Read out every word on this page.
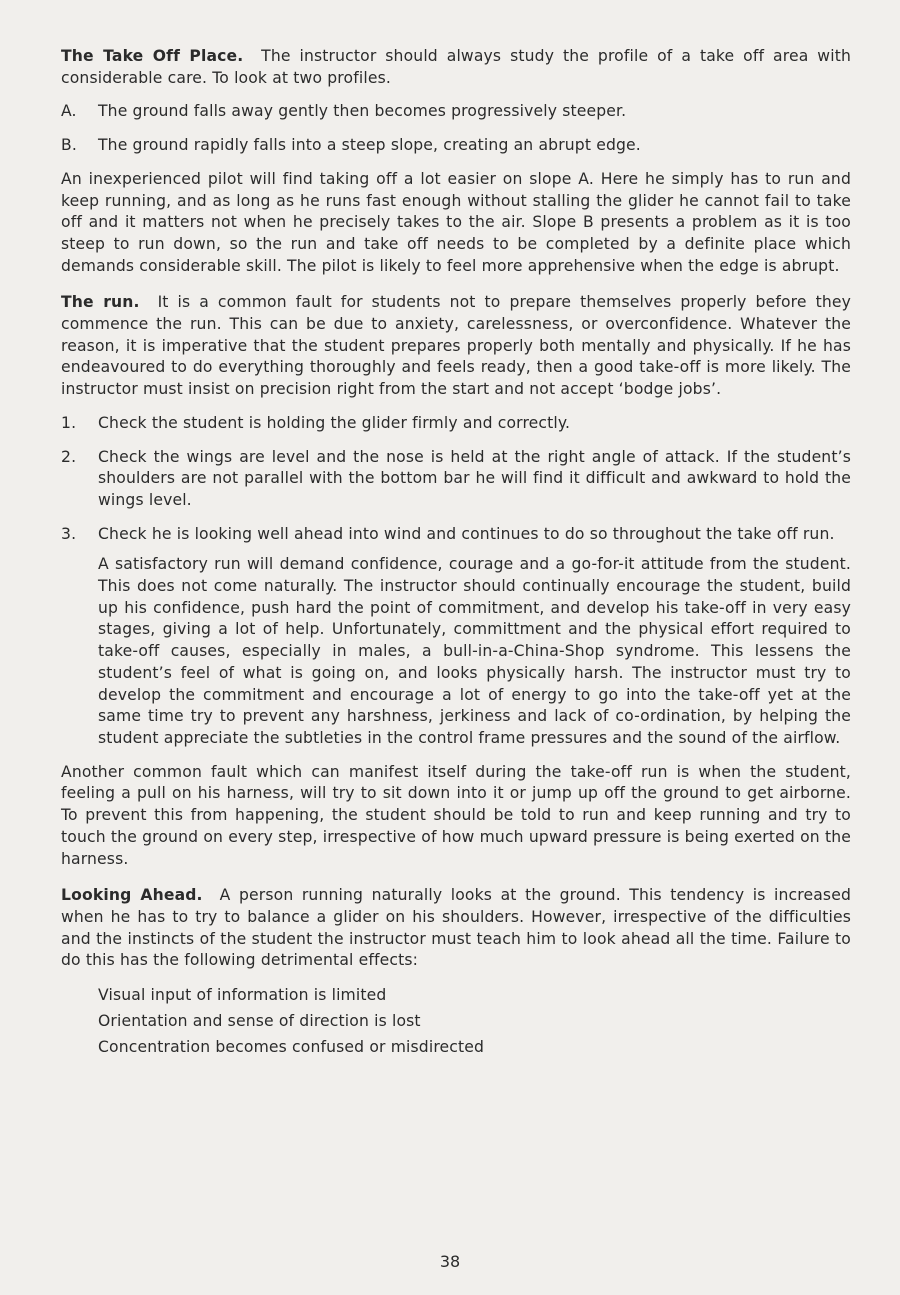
The Take Off Place. The instructor should always study the profile of a take off area with considerable care. To look at two profiles.

A.	The ground falls away gently then becomes progressively steeper.
B.	The ground rapidly falls into a steep slope, creating an abrupt edge.

An inexperienced pilot will find taking off a lot easier on slope A. Here he simply has to run and keep running, and as long as he runs fast enough without stalling the glider he cannot fail to take off and it matters not when he precisely takes to the air. Slope B presents a problem as it is too steep to run down, so the run and take off needs to be completed by a definite place which demands considerable skill. The pilot is likely to feel more apprehensive when the edge is abrupt.

The run. It is a common fault for students not to prepare themselves properly before they commence the run. This can be due to anxiety, carelessness, or overconfidence. Whatever the reason, it is imperative that the student prepares properly both mentally and physically. If he has endeavoured to do everything thoroughly and feels ready, then a good take-off is more likely. The instructor must insist on precision right from the start and not accept ‘bodge jobs’.

1.	Check the student is holding the glider firmly and correctly.
2.	Check the wings are level and the nose is held at the right angle of attack. If the student’s shoulders are not parallel with the bottom bar he will find it difficult and awkward to hold the wings level.
3.	Check he is looking well ahead into wind and continues to do so throughout the take off run.

A satisfactory run will demand confidence, courage and a go-for-it attitude from the student. This does not come naturally. The instructor should continually encourage the student, build up his confidence, push hard the point of commitment, and develop his take-off in very easy stages, giving a lot of help. Unfortunately, committment and the physical effort required to take-off causes, especially in males, a bull-in-a-China-Shop syndrome. This lessens the student’s feel of what is going on, and looks physically harsh. The instructor must try to develop the commitment and encourage a lot of energy to go into the take-off yet at the same time try to prevent any harshness, jerkiness and lack of co-ordination, by helping the student appreciate the subtleties in the control frame pressures and the sound of the airflow.

Another common fault which can manifest itself during the take-off run is when the student, feeling a pull on his harness, will try to sit down into it or jump up off the ground to get airborne. To prevent this from happening, the student should be told to run and keep running and try to touch the ground on every step, irrespective of how much upward pressure is being exerted on the harness.

Looking Ahead. A person running naturally looks at the ground. This tendency is increased when he has to try to balance a glider on his shoulders. However, irrespective of the difficulties and the instincts of the student the instructor must teach him to look ahead all the time. Failure to do this has the following detrimental effects:

Visual input of information is limited
Orientation and sense of direction is lost
Concentration becomes confused or misdirected
38
